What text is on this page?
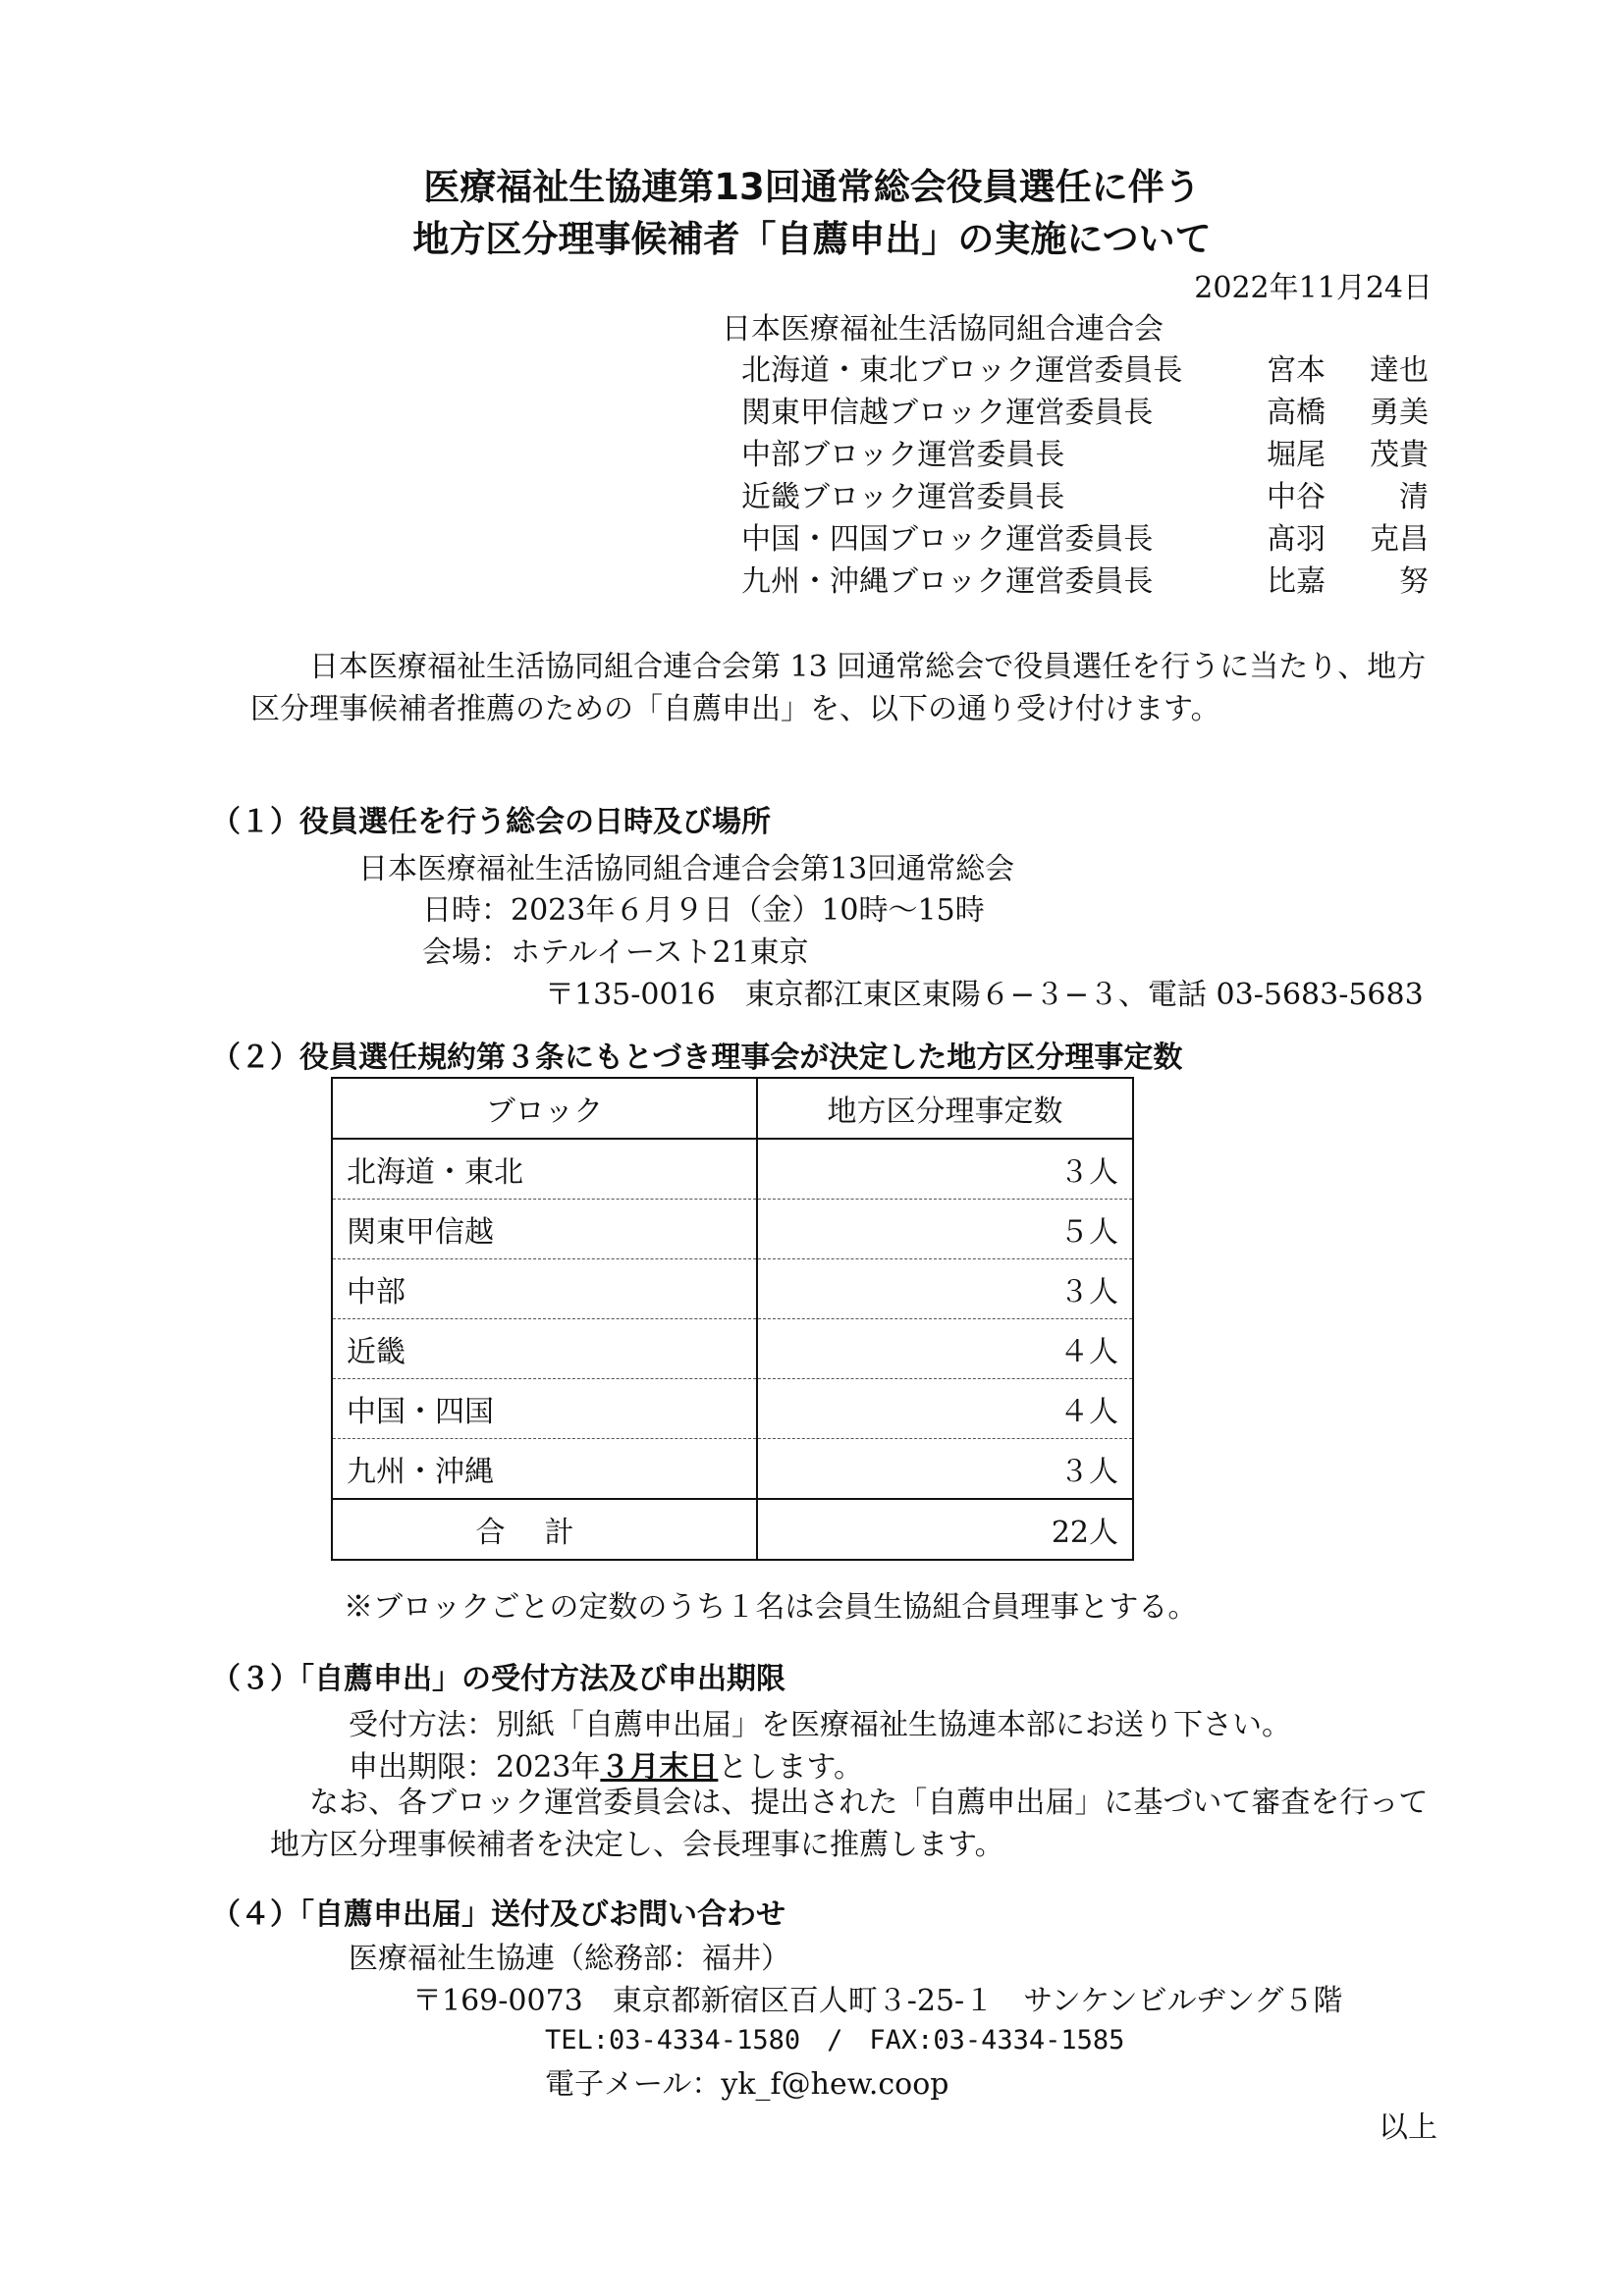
医療福祉生協連第13回通常総会役員選任に伴う
地方区分理事候補者「自薦申出」の実施について
2022年11月24日
日本医療福祉生活協同組合連合会
北海道・東北ブロック運営委員長	宮本 達也
関東甲信越ブロック運営委員長	高橋 勇美
中部ブロック運営委員長	堀尾 茂貴
近畿ブロック運営委員長	中谷	清
中国・四国ブロック運営委員長	髙羽 克昌
九州・沖縄ブロック運営委員長	比嘉	努
日本医療福祉生活協同組合連合会第 13 回通常総会で役員選任を行うに当たり、地方区分理事候補者推薦のための「自薦申出」を、以下の通り受け付けます。
（１）役員選任を行う総会の日時及び場所
日本医療福祉生活協同組合連合会第13回通常総会
日時：2023年６月９日（金）10時～15時
会場：ホテルイースト21東京
〒135-0016　東京都江東区東陽６−３−３、電話 03-5683-5683
（２）役員選任規約第３条にもとづき理事会が決定した地方区分理事定数
ブロック	地方区分理事定数
北海道・東北	３人
関東甲信越	５人
中部	３人
近畿	４人
中国・四国	４人
九州・沖縄	３人
合計	22人
※ブロックごとの定数のうち１名は会員生協組合員理事とする。
（３）「自薦申出」の受付方法及び申出期限
受付方法：別紙「自薦申出届」を医療福祉生協連本部にお送り下さい。
申出期限：2023年３月末日とします。
なお、各ブロック運営委員会は、提出された「自薦申出届」に基づいて審査を行って地方区分理事候補者を決定し、会長理事に推薦します。
（４）「自薦申出届」送付及びお問い合わせ
医療福祉生協連（総務部：福井）
〒169-0073　東京都新宿区百人町３-25-１　サンケンビルヂング５階
TEL:03-4334-1580　/　FAX:03-4334-1585
電子メール：yk_f@hew.coop
以上
